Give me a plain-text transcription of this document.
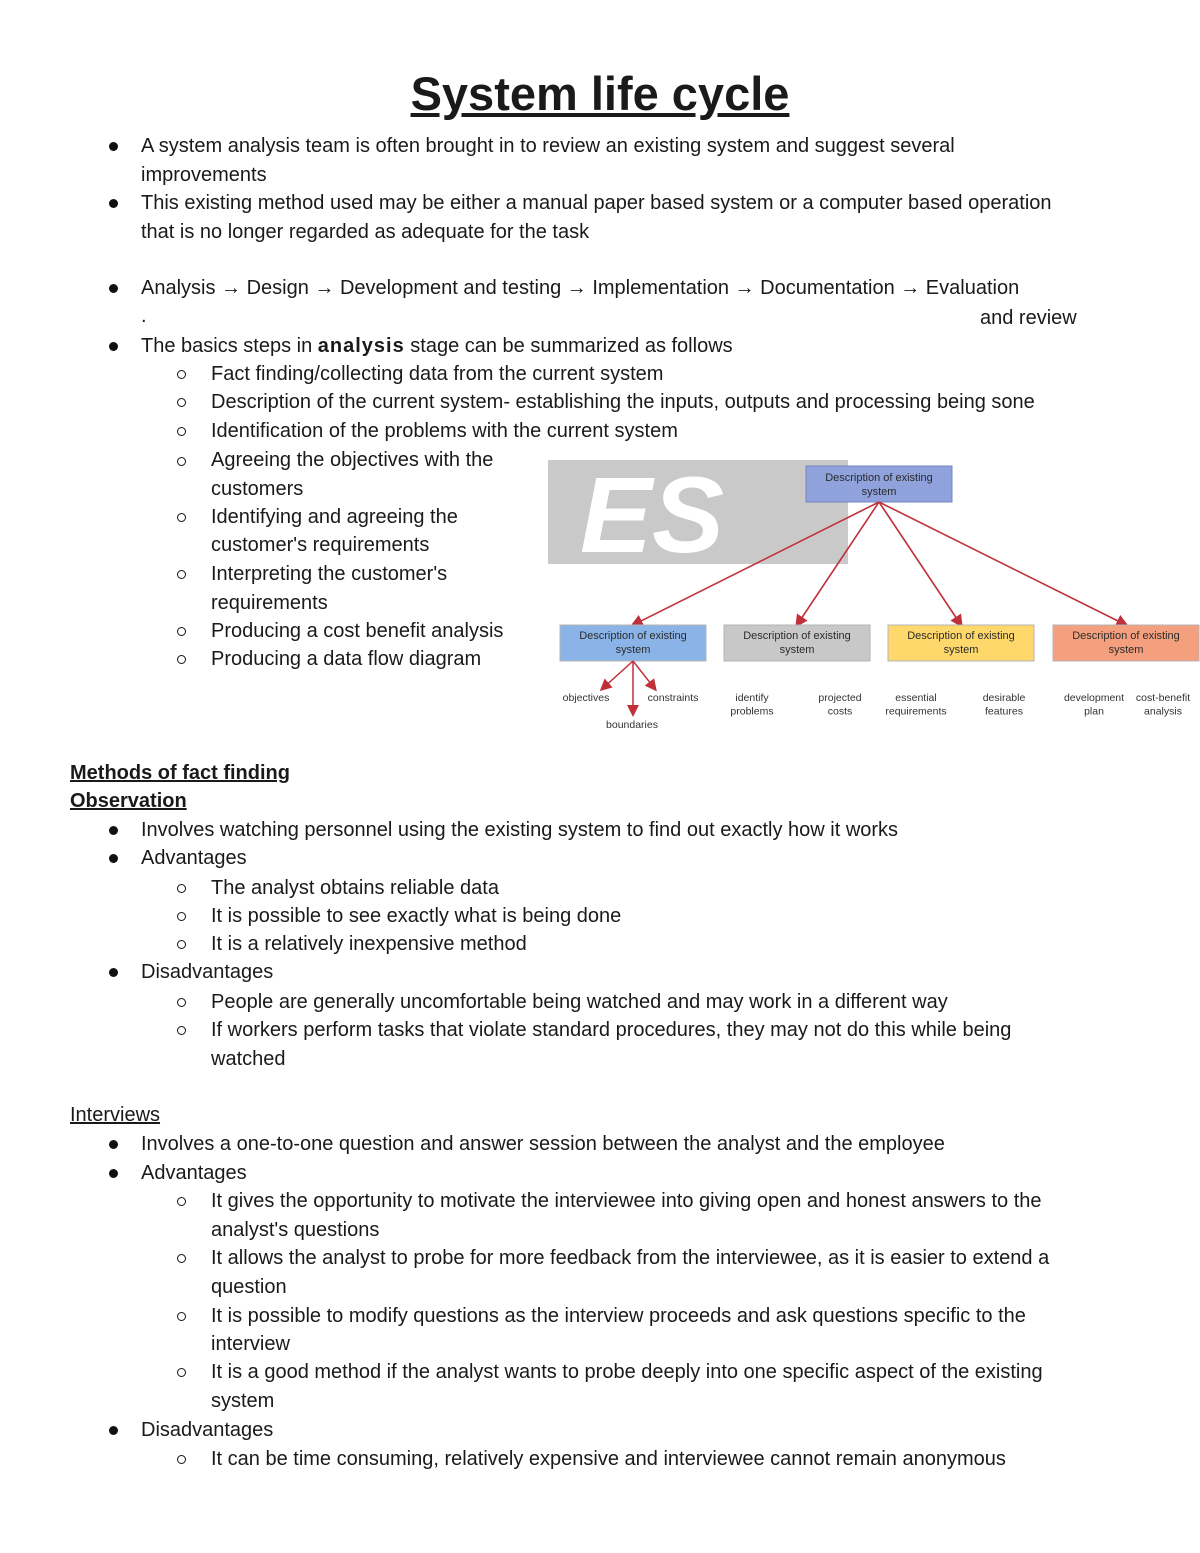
System life cycle
A system analysis team is often brought in to review an existing system and suggest several
improvements
This existing method used may be either a manual paper based system or a computer based operation
that is no longer regarded as adequate for the task
Analysis → Design → Development and testing → Implementation → Documentation → Evaluation
.	and review
The basics steps in analysis stage can be summarized as follows
Fact finding/collecting data from the current system
Description of the current system- establishing the inputs, outputs and processing being sone
Identification of the problems with the current system
Agreeing the objectives with the
customers
Identifying and agreeing the
customer's requirements
Interpreting the customer's
requirements
Producing a cost benefit analysis
Producing a data flow diagram
ES	Description of existing
system
Description of existing
system
Description of existing
system
Description of existing
system
Description of existing
system
objectives	constraints
boundaries
identify
problems
projected
costs
essential
requirements
desirable
features
development
plan
cost-benefit
analysis
Methods of fact finding
Observation
Involves watching personnel using the existing system to find out exactly how it works
Advantages
The analyst obtains reliable data
It is possible to see exactly what is being done
It is a relatively inexpensive method
Disadvantages
People are generally uncomfortable being watched and may work in a different way
If workers perform tasks that violate standard procedures, they may not do this while being
watched
Interviews
Involves a one-to-one question and answer session between the analyst and the employee
Advantages
It gives the opportunity to motivate the interviewee into giving open and honest answers to the
analyst's questions
It allows the analyst to probe for more feedback from the interviewee, as it is easier to extend a
question
It is possible to modify questions as the interview proceeds and ask questions specific to the
interview
It is a good method if the analyst wants to probe deeply into one specific aspect of the existing
system
Disadvantages
It can be time consuming, relatively expensive and interviewee cannot remain anonymous
